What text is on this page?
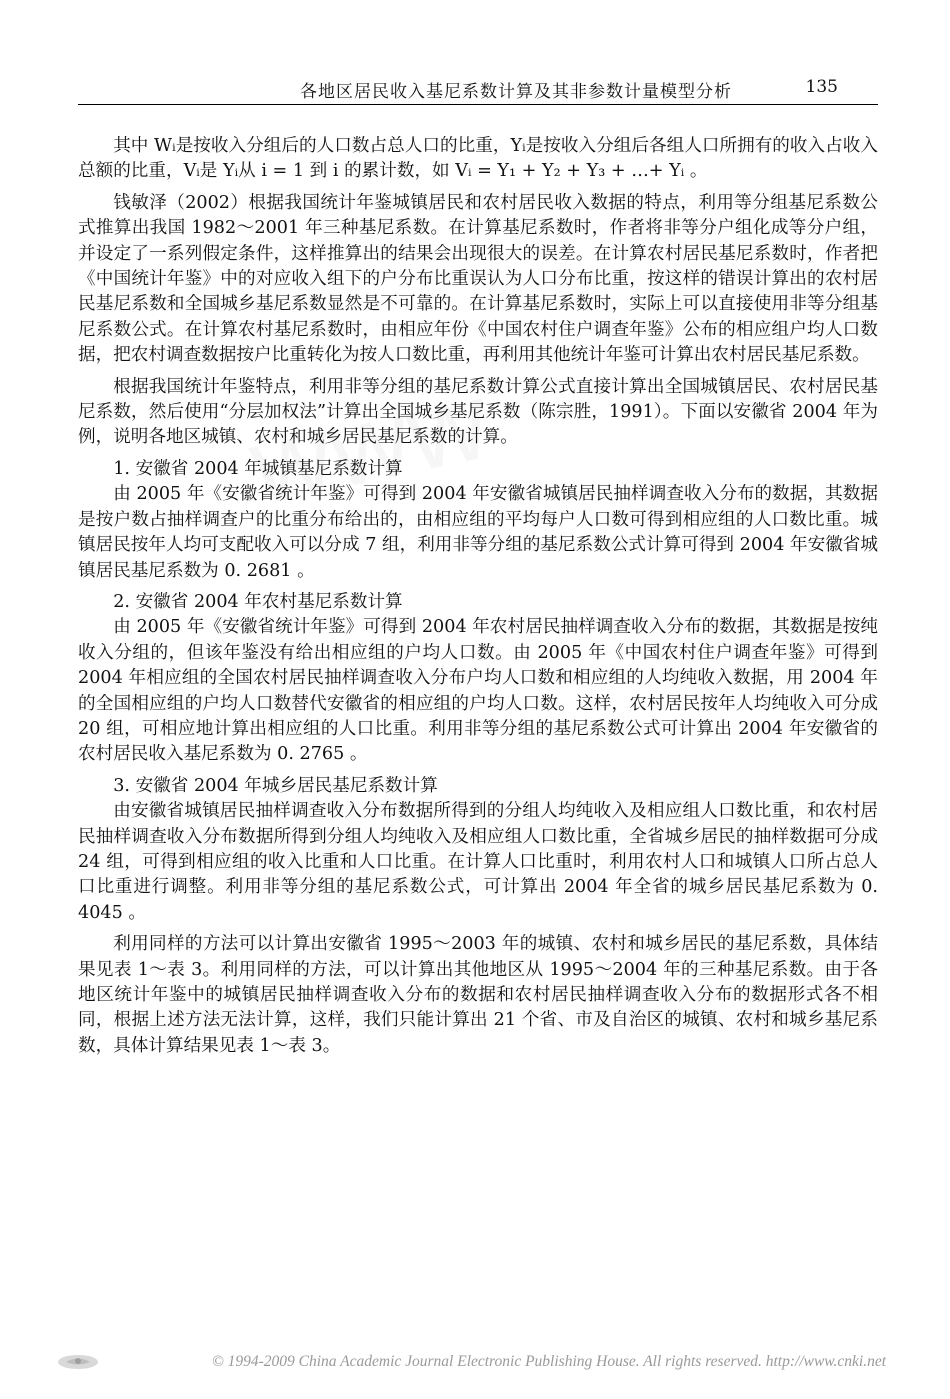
各地区居民收入基尼系数计算及其非参数计量模型分析	135

其中 Wᵢ是按收入分组后的人口数占总人口的比重，Yᵢ是按收入分组后各组人口所拥有的收入占收入总额的比重，Vᵢ是 Yᵢ从 i = 1 到 i 的累计数，如 Vᵢ = Y₁ + Y₂ + Y₃ + …+ Yᵢ 。

钱敏泽（2002）根据我国统计年鉴城镇居民和农村居民收入数据的特点，利用等分组基尼系数公式推算出我国 1982～2001 年三种基尼系数。在计算基尼系数时，作者将非等分户组化成等分户组，并设定了一系列假定条件，这样推算出的结果会出现很大的误差。在计算农村居民基尼系数时，作者把《中国统计年鉴》中的对应收入组下的户分布比重误认为人口分布比重，按这样的错误计算出的农村居民基尼系数和全国城乡基尼系数显然是不可靠的。在计算基尼系数时，实际上可以直接使用非等分组基尼系数公式。在计算农村基尼系数时，由相应年份《中国农村住户调查年鉴》公布的相应组户均人口数据，把农村调查数据按户比重转化为按人口数比重，再利用其他统计年鉴可计算出农村居民基尼系数。

根据我国统计年鉴特点，利用非等分组的基尼系数计算公式直接计算出全国城镇居民、农村居民基尼系数，然后使用“分层加权法”计算出全国城乡基尼系数（陈宗胜，1991）。下面以安徽省 2004 年为例，说明各地区城镇、农村和城乡居民基尼系数的计算。

1. 安徽省 2004 年城镇基尼系数计算

由 2005 年《安徽省统计年鉴》可得到 2004 年安徽省城镇居民抽样调查收入分布的数据，其数据是按户数占抽样调查户的比重分布给出的，由相应组的平均每户人口数可得到相应组的人口数比重。城镇居民按年人均可支配收入可以分成 7 组，利用非等分组的基尼系数公式计算可得到 2004 年安徽省城镇居民基尼系数为 0. 2681 。

2. 安徽省 2004 年农村基尼系数计算

由 2005 年《安徽省统计年鉴》可得到 2004 年农村居民抽样调查收入分布的数据，其数据是按纯收入分组的，但该年鉴没有给出相应组的户均人口数。由 2005 年《中国农村住户调查年鉴》可得到 2004 年相应组的全国农村居民抽样调查收入分布户均人口数和相应组的人均纯收入数据，用 2004 年的全国相应组的户均人口数替代安徽省的相应组的户均人口数。这样，农村居民按年人均纯收入可分成 20 组，可相应地计算出相应组的人口比重。利用非等分组的基尼系数公式可计算出 2004 年安徽省的农村居民收入基尼系数为 0. 2765 。

3. 安徽省 2004 年城乡居民基尼系数计算

由安徽省城镇居民抽样调查收入分布数据所得到的分组人均纯收入及相应组人口数比重，和农村居民抽样调查收入分布数据所得到分组人均纯收入及相应组人口数比重，全省城乡居民的抽样数据可分成 24 组，可得到相应组的收入比重和人口比重。在计算人口比重时，利用农村人口和城镇人口所占总人口比重进行调整。利用非等分组的基尼系数公式，可计算出 2004 年全省的城乡居民基尼系数为 0. 4045 。

利用同样的方法可以计算出安徽省 1995～2003 年的城镇、农村和城乡居民的基尼系数，具体结果见表 1～表 3。利用同样的方法，可以计算出其他地区从 1995～2004 年的三种基尼系数。由于各地区统计年鉴中的城镇居民抽样调查收入分布的数据和农村居民抽样调查收入分布的数据形式各不相同，根据上述方法无法计算，这样，我们只能计算出 21 个省、市及自治区的城镇、农村和城乡基尼系数，具体计算结果见表 1～表 3。

© 1994-2009 China Academic Journal Electronic Publishing House. All rights reserved. http://www.cnki.net
